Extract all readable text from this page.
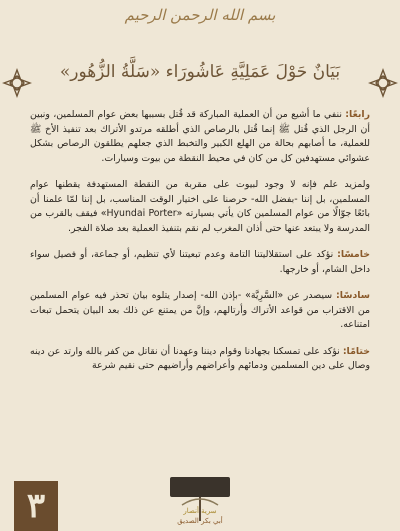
بسم الله الرحمن الرحيم
بَيَانٌ حَوْلَ عَمَلِيَّةِ عَاشُورَاء «سَلَّةُ الزُّهُور»

رابعًا: ننفي ما أشيع من أن العملية المباركة قد قُتل بسببها بعض عوام المسلمين، ونبين أن الرجل الذي قُتل ﷺ إنما قُتل بالرصاص الذي أطلقه مرتدو الأتراك بعد تنفيذ الأخ ﷺ للعملية، ما أصابهم بحالة من الهلع الكبير والتخبط الذي جعلهم يطلقون الرصاص بشكل عشوائي مستهدفين كل من كان في محيط النقطة من بيوت وسيارات.

ولمزيد علم فإنه لا وجود لبيوت على مقربة من النقطة المستهدفة يقطنها عوام المسلمين، بل إننا -بفضل الله- حرصنا على اختيار الوقت المناسب، بل إننا لمّا علمنا أن بائعًا جوّالًا من عوام المسلمين كان يأتي بسيارته «Hyundai Porter» فيقف بالقرب من المدرسة ولا يبتعد عنها حتى أذان المغرب لم نقم بتنفيذ العملية بعد صلاة الفجر.

خامسًا: نؤكد على استقلاليتنا التامة وعدم تبعيتنا لأي تنظيم، أو جماعة، أو فصيل سواء داخل الشام، أو خارجها.

سادسًا: سيصدر عن «السَّرِيَّة» -بإذن الله- إصدار يتلوه بيان تحذر فيه عوام المسلمين من الاقتراب من قواعد الأتراك وأرتالهم، وإنَّ من يمتنع عن ذلك بعد البيان يتحمل تبعات امتناعه.

ختامًا: نؤكد على تمسكنا بجهادنا وقوام ديننا وعهدنا أن نقاتل من كفر بالله وارتد عن دينه وصال على دين المسلمين ودمائهم وأعراضهم وأراضيهم حتى نقيم شرعة

٣	سرية أنصار
أبي بكر الصديق
